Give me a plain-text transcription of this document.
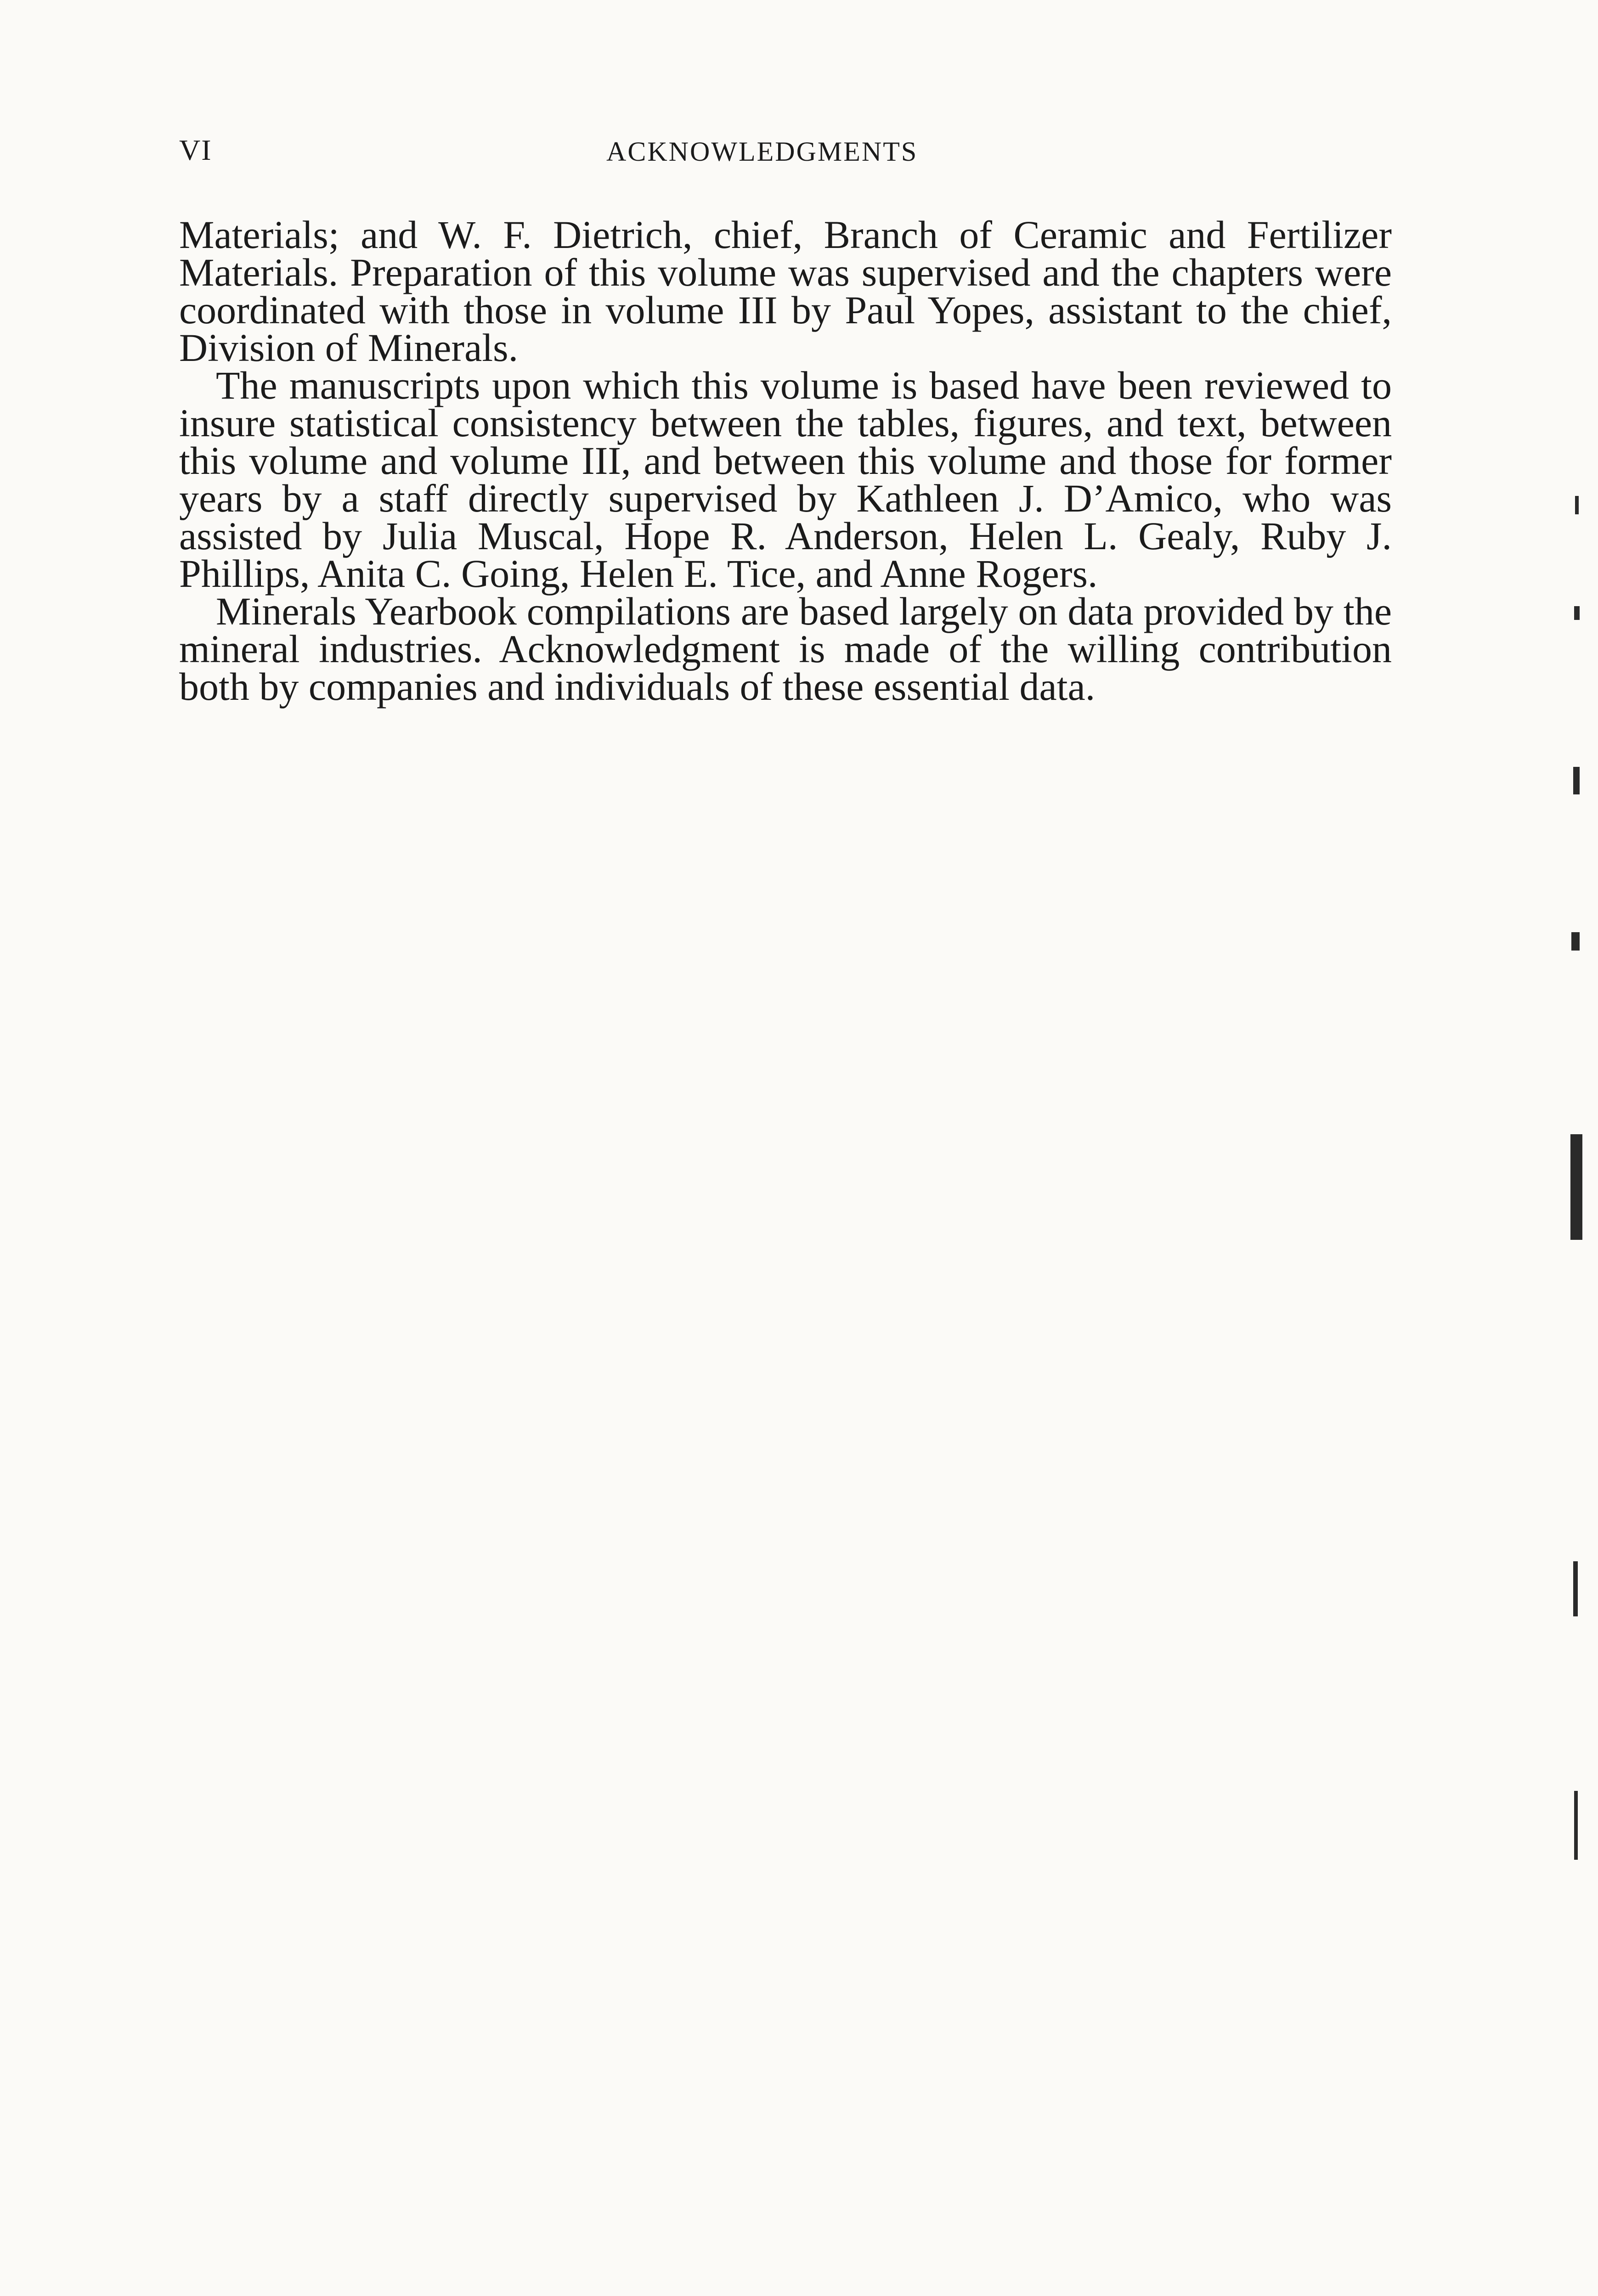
VI	ACKNOWLEDGMENTS

Materials; and W. F. Dietrich, chief, Branch of Ceramic and Fertilizer Materials. Preparation of this volume was supervised and the chapters were coordinated with those in volume III by Paul Yopes, assistant to the chief, Division of Minerals.

The manuscripts upon which this volume is based have been reviewed to insure statistical consistency between the tables, figures, and text, between this volume and volume III, and between this volume and those for former years by a staff directly supervised by Kathleen J. D’Amico, who was assisted by Julia Muscal, Hope R. Anderson, Helen L. Gealy, Ruby J. Phillips, Anita C. Going, Helen E. Tice, and Anne Rogers.

Minerals Yearbook compilations are based largely on data provided by the mineral industries. Acknowledgment is made of the willing contribution both by companies and individuals of these essential data.
